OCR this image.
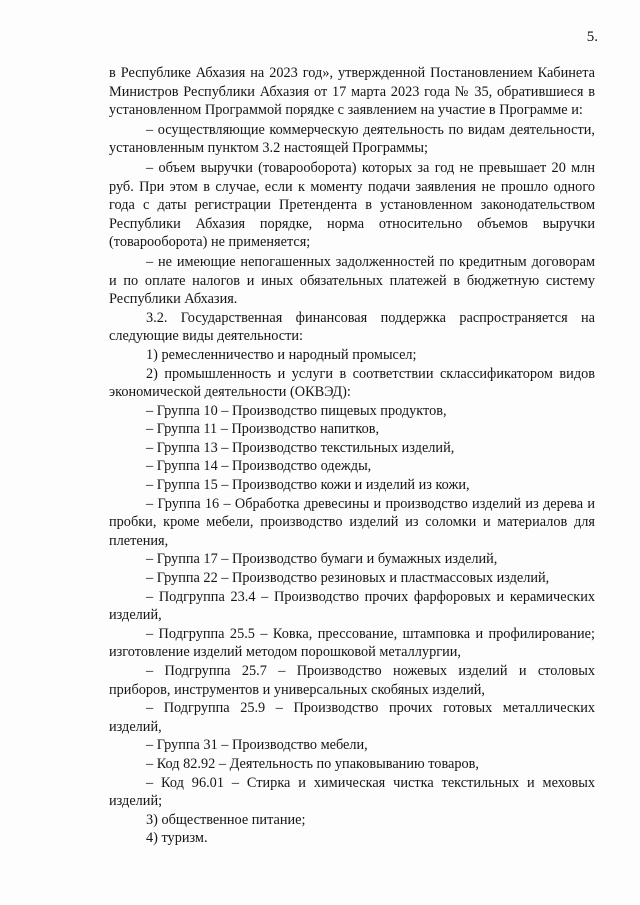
5.

в Республике Абхазия на 2023 год», утвержденной Постановлением Кабинета Министров Республики Абхазия от 17 марта 2023 года № 35, обратившиеся в установленном Программой порядке с заявлением на участие в Программе и:

– осуществляющие коммерческую деятельность по видам деятельности, установленным пунктом 3.2 настоящей Программы;

– объем выручки (товарооборота) которых за год не превышает 20 млн руб. При этом в случае, если к моменту подачи заявления не прошло одного года с даты регистрации Претендента в установленном законодательством Республики Абхазия порядке, норма относительно объемов выручки (товарооборота) не применяется;

– не имеющие непогашенных задолженностей по кредитным договорам и по оплате налогов и иных обязательных платежей в бюджетную систему Республики Абхазия.

3.2. Государственная финансовая поддержка распространяется на следующие виды деятельности:

1) ремесленничество и народный промысел;

2) промышленность и услуги в соответствии склассификатором видов экономической деятельности (ОКВЭД):

– Группа 10 – Производство пищевых продуктов,

– Группа 11 – Производство напитков,

– Группа 13 – Производство текстильных изделий,

– Группа 14 – Производство одежды,

– Группа 15 – Производство кожи и изделий из кожи,

– Группа 16 – Обработка древесины и производство изделий из дерева и пробки, кроме мебели, производство изделий из соломки и материалов для плетения,

– Группа 17 – Производство бумаги и бумажных изделий,

– Группа 22 – Производство резиновых и пластмассовых изделий,

– Подгруппа 23.4 – Производство прочих фарфоровых и керамических изделий,

– Подгруппа 25.5 – Ковка, прессование, штамповка и профилирование; изготовление изделий методом порошковой металлургии,

– Подгруппа 25.7 – Производство ножевых изделий и столовых приборов, инструментов и универсальных скобяных изделий,

– Подгруппа 25.9 – Производство прочих готовых металлических изделий,

– Группа 31 – Производство мебели,

– Код 82.92 – Деятельность по упаковыванию товаров,

– Код 96.01 – Стирка и химическая чистка текстильных и меховых изделий;

3) общественное питание;

4) туризм.
